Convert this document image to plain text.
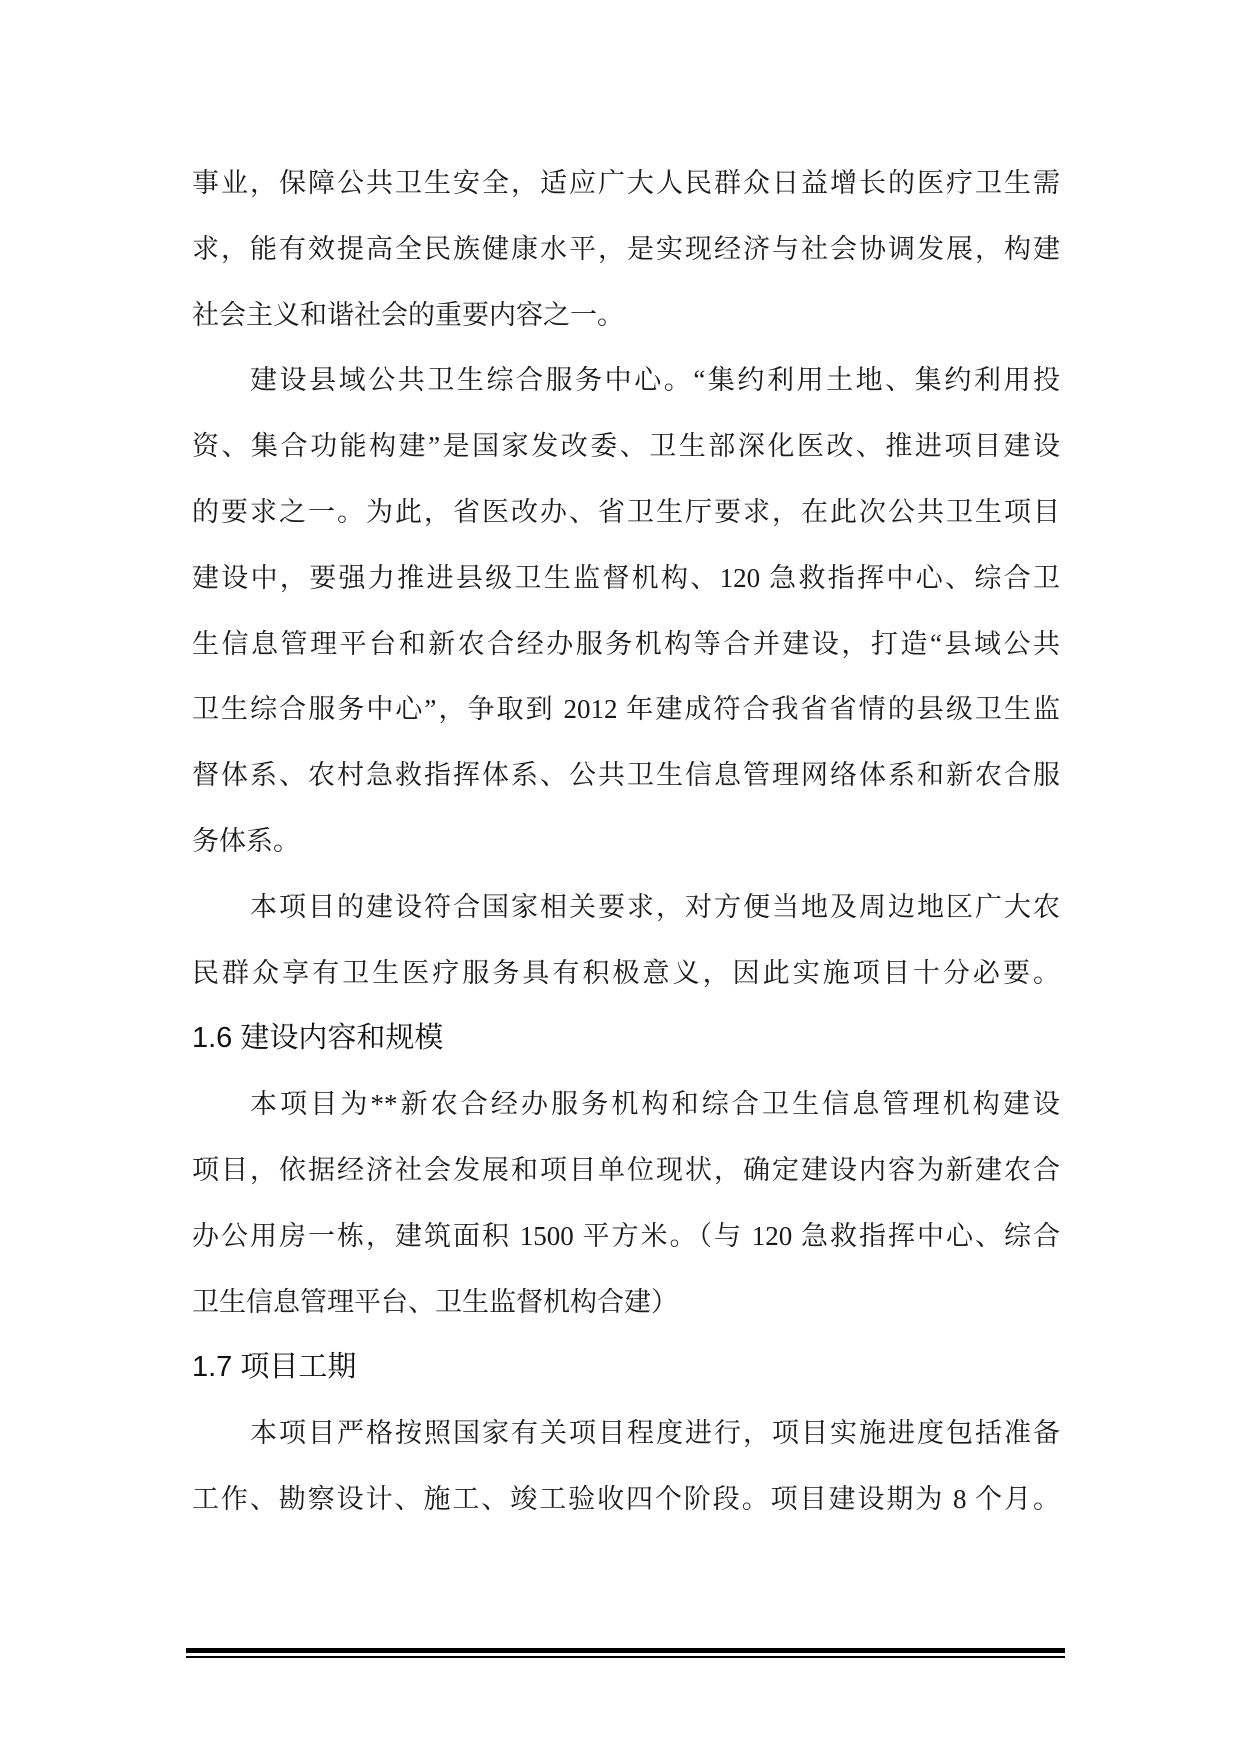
事业，保障公共卫生安全，适应广大人民群众日益增长的医疗卫生需
求，能有效提高全民族健康水平，是实现经济与社会协调发展，构建
社会主义和谐社会的重要内容之一。
建设县域公共卫生综合服务中心。“集约利用土地、集约利用投
资、集合功能构建”是国家发改委、卫生部深化医改、推进项目建设
的要求之一。为此，省医改办、省卫生厅要求，在此次公共卫生项目
建设中，要强力推进县级卫生监督机构、120 急救指挥中心、综合卫
生信息管理平台和新农合经办服务机构等合并建设，打造“县域公共
卫生综合服务中心”，争取到 2012 年建成符合我省省情的县级卫生监
督体系、农村急救指挥体系、公共卫生信息管理网络体系和新农合服
务体系。
本项目的建设符合国家相关要求，对方便当地及周边地区广大农
民群众享有卫生医疗服务具有积极意义，因此实施项目十分必要。
1.6 建设内容和规模
本项目为**新农合经办服务机构和综合卫生信息管理机构建设
项目，依据经济社会发展和项目单位现状，确定建设内容为新建农合
办公用房一栋，建筑面积 1500 平方米。（与 120 急救指挥中心、综合
卫生信息管理平台、卫生监督机构合建）
1.7 项目工期
本项目严格按照国家有关项目程度进行，项目实施进度包括准备
工作、勘察设计、施工、竣工验收四个阶段。项目建设期为 8 个月。
